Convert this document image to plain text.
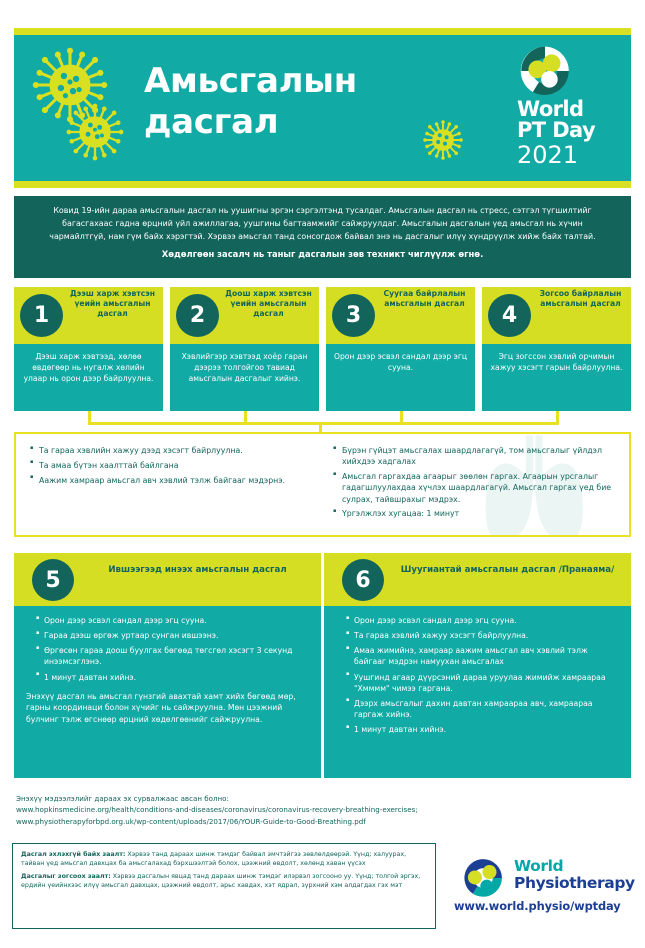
Амьсгалын
дасгал	World
PT Day
2021

Ковид 19-ийн дараа амьсгалын дасгал нь уушигны эргэн сэргэлтэнд тусалдаг. Амьсгалын дасгал нь стресс, сэтгэл түгшилтийг багасгахаас гадна өрцний үйл ажиллагаа, уушгины багтаамжийг сайжруулдаг. Амьсгалын дасгалын үед амьсгал нь хүчин чармайлтгүй, нам гүм байх хэрэгтэй. Хэрвээ амьсгал танд сонсогдож байвал энэ нь дасгалыг илүү хүндрүүлж хийж байх талтай.

Хөдөлгөөн засалч нь таныг дасгалын зөв техникт чиглүүлж өгнө.
1
Дээш харж хэвтсэн үеийн амьсгалын дасгал
Дээш харж хэвтээд, хөлөө өвдөгөөр нь нугалж хөлийн улаар нь орон дээр байрлуулна.
2
Доош харж хэвтсэн үеийн амьсгалын дасгал
Хэвлийгээр хэвтээд хоёр гаран дээрээ толгойгоо тавиад амьсгалын дасгалыг хийнэ.
3
Суугаа байрлалын амьсгалын дасгал
Орон дээр эсвэл сандал дээр эгц сууна.
4
Зогсоо байрлалын амьсгалын дасгал
Эгц зогссон хэвлий орчимын хажуу хэсэгт гарын байрлуулна.
▪ Та гараа хэвлийн хажуу дээд хэсэгт байрлуулна.
▪ Та амаа бүтэн хаалттай байлгана
▪ Аажим хамраар амьсгал авч хэвлий тэлж байгааг мэдэрнэ.
▪ Бүрэн гүйцэт амьсгалах шаардлагагүй, том амьсгалыг үйлдэл хийхдээ хадгалах
▪ Амьсгал гаргахдаа агаарыг зөөлөн гаргах. Агаарын урсгалыг гадагшлуулахдаа хүчлэх шаардлагагүй. Амьсгал гаргах үед бие сулрах, тайвшрахыг мэдрэх.
▪ Үргэлжлэх хугацаа: 1 минут
5	Ившээгээд инээх амьсгалын дасгал
▪ Орон дээр эсвэл сандал дээр эгц сууна.
▪ Гараа дээш өргөж уртаар сунган ившээнэ.
▪ Өргөсөн гараа доош буулгах бөгөөд төгсгөл хэсэгт 3 секунд инээмсэглэнэ.
▪ 1 минут давтан хийнэ.

Энэхүү дасгал нь амьсгал гүнзгий авахтай хамт хийх бөгөөд мөр, гарны координаци болон хүчийг нь сайжруулна. Мөн цээжний булчинг тэлж өгснөөр өрцний хөдөлгөөнийг сайжруулна.

6	Шуугиантай амьсгалын дасгал /Пранаяма/
▪ Орон дээр эсвэл сандал дээр эгц сууна.
▪ Та гараа хэвлий хажуу хэсэгт байрлуулна.
▪ Амаа жимийнэ, хамраар аажим амьсгал авч хэвлий тэлж байгааг мэдрэн намуухан амьсгалах
▪ Уушгинд агаар дүүрсэний дараа уруулаа жимийж хамраараа "Хмммм" чимээ гаргана.
▪ Дээрх амьсгалыг дахин давтан хамраараа авч, хамраараа гаргаж хийнэ.
▪ 1 минут давтан хийнэ.
Энэхүү мэдээлэлийг дараах эх сурвалжаас авсан болно:
www.hopkinsmedicine.org/health/conditions-and-diseases/coronavirus/coronavirus-recovery-breathing-exercises;
www.physiotherapyforbpd.org.uk/wp-content/uploads/2017/06/YOUR-Guide-to-Good-Breathing.pdf

Дасгал эхлэхгүй байх заалт: Хэрвээ танд дараах шинж тэмдэг байвал эмчтэйгээ зөвлөлдөөрэй. Үүнд; халуурах, тайван үед амьсгал давхцах ба амьсгалахад бэрхшээлтэй болох, цээжний өвдолт, хөлөнд хаван үүсэх

Дасгалыг зогсоох заалт: Хэрвээ дасгалын явцад танд дараах шинж тэмдэг илэрвэл зогсооно уу. Үүнд; толгой эргэх, ердийн үеийнхээс илүү амьсгал давхцах, цээжний өвдолт, арьс хавдах, хэт ядрал, зүрхний хэм алдагдах гэх мэт

World
Physiotherapy
www.world.physio/wptday
